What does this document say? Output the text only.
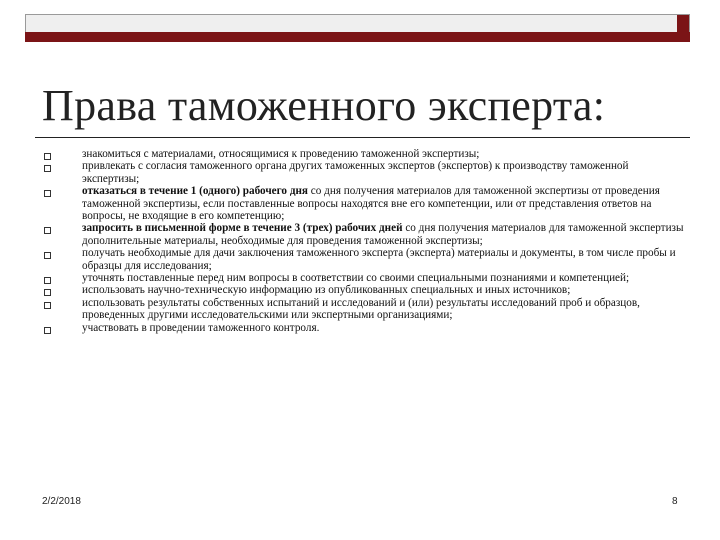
Права таможенного эксперта:
знакомиться с материалами, относящимися к проведению таможенной экспертизы;
привлекать с согласия таможенного органа других таможенных экспертов (экспертов) к производству таможенной экспертизы;
отказаться в течение 1 (одного) рабочего дня со дня получения материалов для таможенной экспертизы от проведения таможенной экспертизы, если поставленные вопросы находятся вне его компетенции, или от представления ответов на вопросы, не входящие в его компетенцию;
запросить в письменной форме в течение 3 (трех) рабочих дней со дня получения материалов для таможенной экспертизы дополнительные материалы, необходимые для проведения таможенной экспертизы;
получать необходимые для дачи заключения таможенного эксперта (эксперта) материалы и документы, в том числе пробы и образцы для исследования;
уточнять поставленные перед ним вопросы в соответствии со своими специальными познаниями и компетенцией;
использовать научно-техническую информацию из опубликованных специальных и иных источников;
использовать результаты собственных испытаний и исследований и (или) результаты исследований проб и образцов, проведенных другими исследовательскими или экспертными организациями;
участвовать в проведении таможенного контроля.
2/2/2018	8
